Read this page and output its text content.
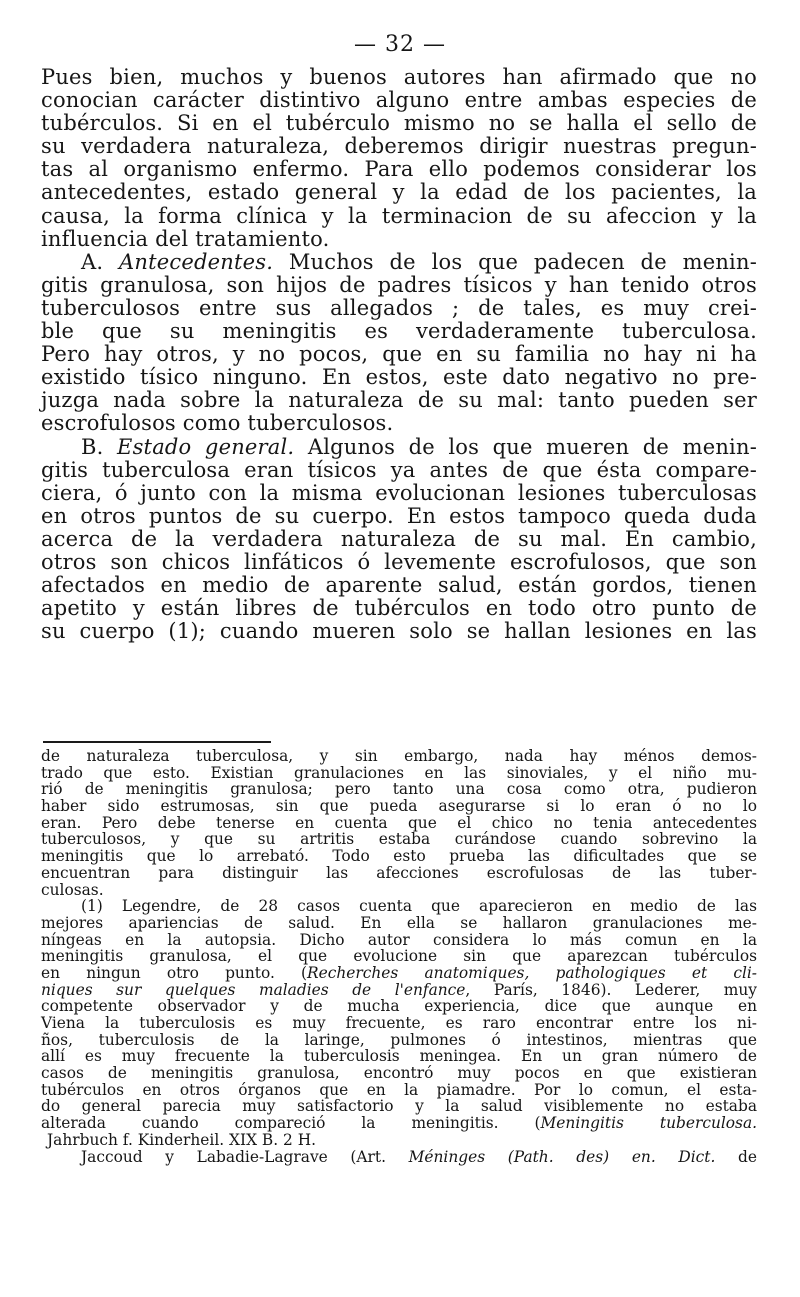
— 32 —
Pues bien, muchos y buenos autores han afirmado que no
conocian carácter distintivo alguno entre ambas especies de
tubérculos. Si en el tubérculo mismo no se halla el sello de
su verdadera naturaleza, deberemos dirigir nuestras pregun-
tas al organismo enfermo. Para ello podemos considerar los
antecedentes, estado general y la edad de los pacientes, la
causa, la forma clínica y la terminacion de su afeccion y la
influencia del tratamiento.
A. Antecedentes. Muchos de los que padecen de menin-
gitis granulosa, son hijos de padres tísicos y han tenido otros
tuberculosos entre sus allegados ; de tales, es muy crei-
ble que su meningitis es verdaderamente tuberculosa.
Pero hay otros, y no pocos, que en su familia no hay ni ha
existido tísico ninguno. En estos, este dato negativo no pre-
juzga nada sobre la naturaleza de su mal: tanto pueden ser
escrofulosos como tuberculosos.
B. Estado general. Algunos de los que mueren de menin-
gitis tuberculosa eran tísicos ya antes de que ésta compare-
ciera, ó junto con la misma evolucionan lesiones tuberculosas
en otros puntos de su cuerpo. En estos tampoco queda duda
acerca de la verdadera naturaleza de su mal. En cambio,
otros son chicos linfáticos ó levemente escrofulosos, que son
afectados en medio de aparente salud, están gordos, tienen
apetito y están libres de tubérculos en todo otro punto de
su cuerpo (1); cuando mueren solo se hallan lesiones en las
de naturaleza tuberculosa, y sin embargo, nada hay ménos demos-
trado que esto. Existian granulaciones en las sinoviales, y el niño mu-
rió de meningitis granulosa; pero tanto una cosa como otra, pudieron
haber sido estrumosas, sin que pueda asegurarse si lo eran ó no lo
eran. Pero debe tenerse en cuenta que el chico no tenia antecedentes
tuberculosos, y que su artritis estaba curándose cuando sobrevino la
meningitis que lo arrebató. Todo esto prueba las dificultades que se
encuentran para distinguir las afecciones escrofulosas de las tuber-
culosas.
(1) Legendre, de 28 casos cuenta que aparecieron en medio de las
mejores apariencias de salud. En ella se hallaron granulaciones me-
níngeas en la autopsia. Dicho autor considera lo más comun en la
meningitis granulosa, el que evolucione sin que aparezcan tubérculos
en ningun otro punto. (Recherches anatomiques, pathologiques et cli-
niques sur quelques maladies de l'enfance, París, 1846). Lederer, muy
competente observador y de mucha experiencia, dice que aunque en
Viena la tuberculosis es muy frecuente, es raro encontrar entre los ni-
ños, tuberculosis de la laringe, pulmones ó intestinos, mientras que
allí es muy frecuente la tuberculosis meningea. En un gran número de
casos de meningitis granulosa, encontró muy pocos en que existieran
tubérculos en otros órganos que en la piamadre. Por lo comun, el esta-
do general parecia muy satisfactorio y la salud visiblemente no estaba
alterada cuando compareció la meningitis. (Meningitis tuberculosa.
Jahrbuch f. Kinderheil. XIX B. 2 H.
Jaccoud y Labadie-Lagrave (Art. Méninges (Path. des) en. Dict. de
